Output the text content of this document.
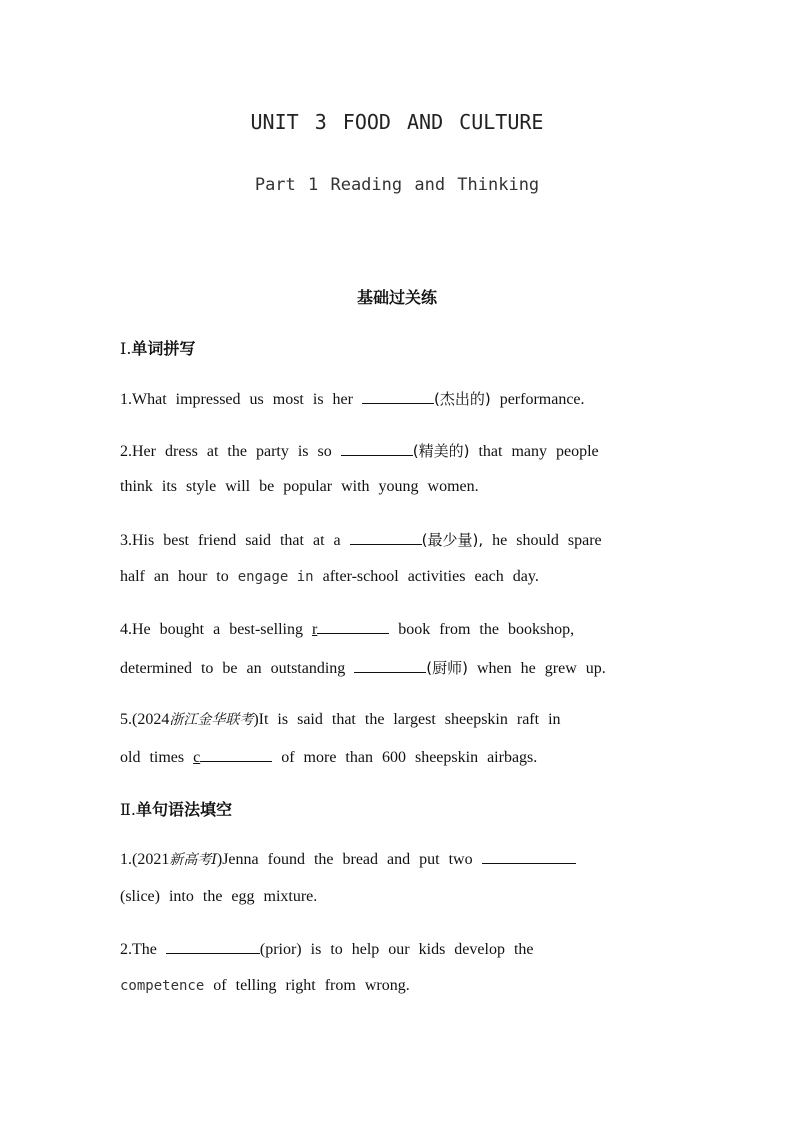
UNIT 3 FOOD AND CULTURE
Part 1 Reading and Thinking
基础过关练
Ⅰ.单词拼写
1.What impressed us most is her	(杰出的) performance.
2.Her dress at the party is so	(精美的) that many people
think its style will be popular with young women.
3.His best friend said that at a	(最少量), he should spare
half an hour to engage in after-school activities each day.
4.He bought a best-selling r	book from the bookshop,
determined to be an outstanding	(厨师) when he grew up.
5.(2024浙江金华联考)It is said that the largest sheepskin raft in
old times c	of more than 600 sheepskin airbags.
Ⅱ.单句语法填空
1.(2021新高考Ⅰ)Jenna found the bread and put two
(slice) into the egg mixture.
2.The	(prior) is to help our kids develop the
competence of telling right from wrong.
